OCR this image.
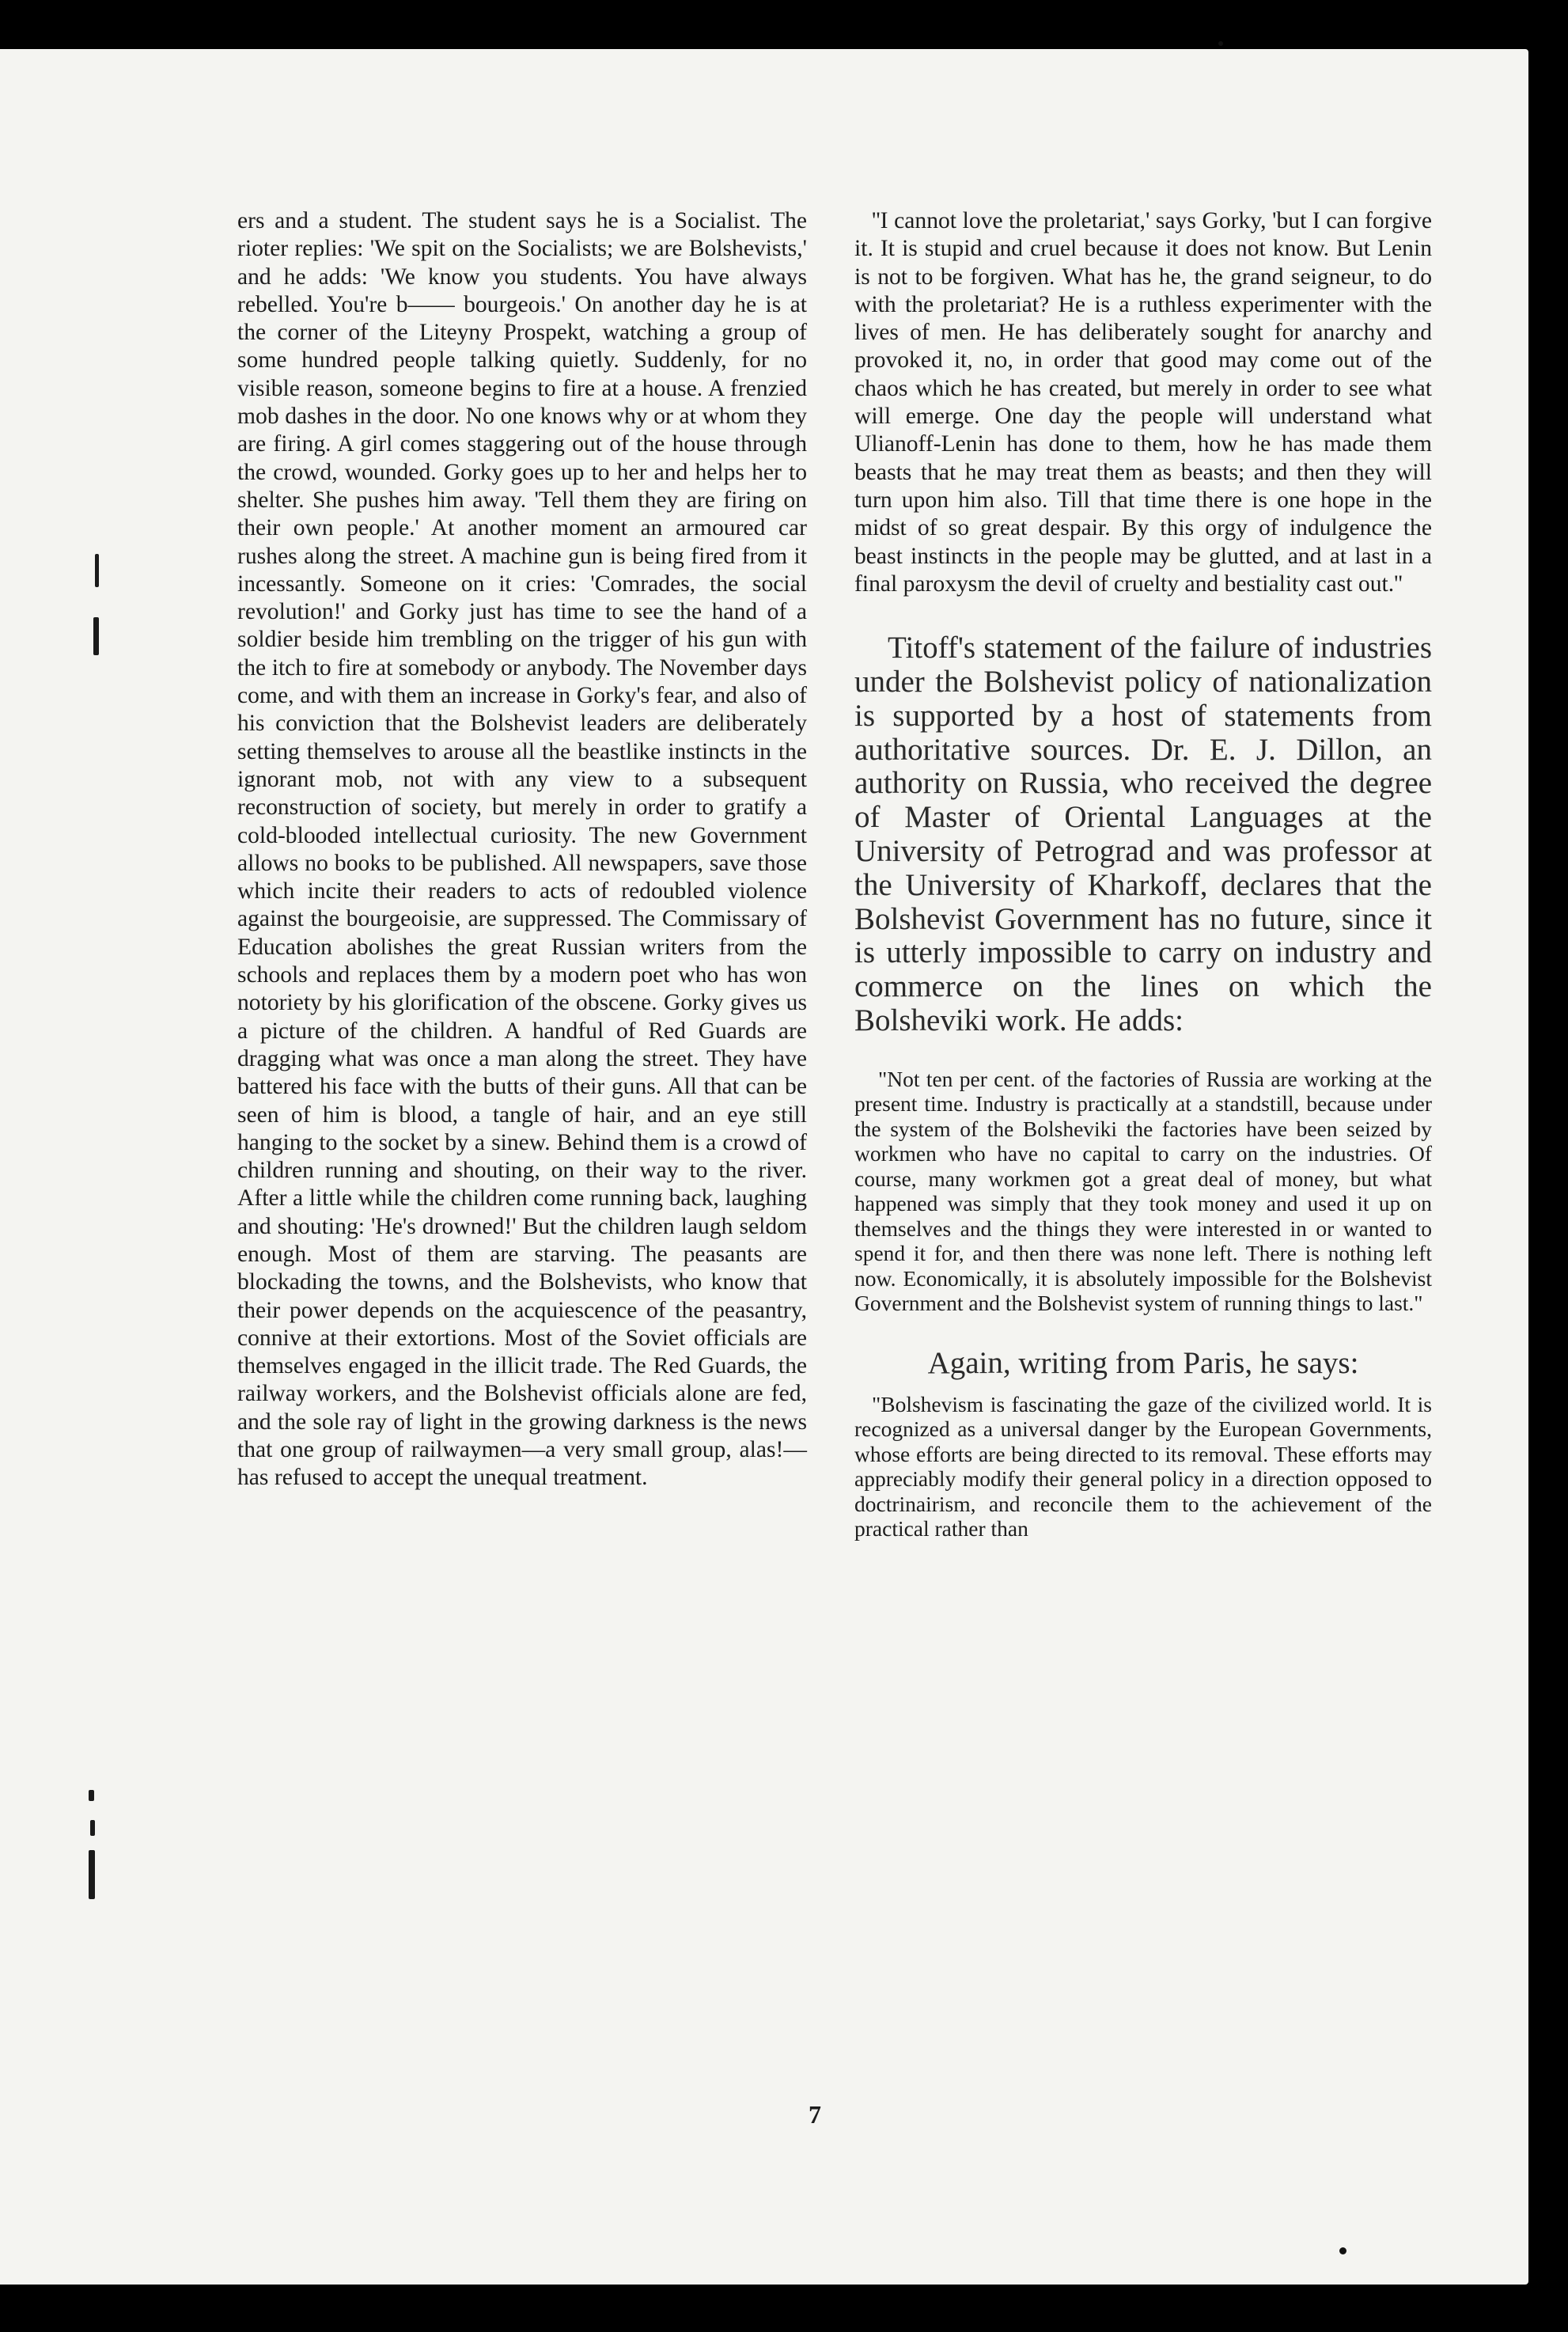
ers and a student. The student says he is a Socialist. The rioter replies: 'We spit on the Socialists; we are Bolshevists,' and he adds: 'We know you students. You have always rebelled. You're b—— bourgeois.' On another day he is at the corner of the Liteyny Prospekt, watching a group of some hundred people talking quietly. Suddenly, for no visible reason, someone begins to fire at a house. A frenzied mob dashes in the door. No one knows why or at whom they are firing. A girl comes staggering out of the house through the crowd, wounded. Gorky goes up to her and helps her to shelter. She pushes him away. 'Tell them they are firing on their own people.' At another moment an armoured car rushes along the street. A machine gun is being fired from it incessantly. Someone on it cries: 'Comrades, the social revolution!' and Gorky just has time to see the hand of a soldier beside him trembling on the trigger of his gun with the itch to fire at somebody or anybody. The November days come, and with them an increase in Gorky's fear, and also of his conviction that the Bolshevist leaders are deliberately setting themselves to arouse all the beastlike instincts in the ignorant mob, not with any view to a subsequent reconstruction of society, but merely in order to gratify a cold-blooded intellectual curiosity. The new Government allows no books to be published. All newspapers, save those which incite their readers to acts of redoubled violence against the bourgeoisie, are suppressed. The Commissary of Education abolishes the great Russian writers from the schools and replaces them by a modern poet who has won notoriety by his glorification of the obscene. Gorky gives us a picture of the children. A handful of Red Guards are dragging what was once a man along the street. They have battered his face with the butts of their guns. All that can be seen of him is blood, a tangle of hair, and an eye still hanging to the socket by a sinew. Behind them is a crowd of children running and shouting, on their way to the river. After a little while the children come running back, laughing and shouting: 'He's drowned!' But the children laugh seldom enough. Most of them are starving. The peasants are blockading the towns, and the Bolshevists, who know that their power depends on the acquiescence of the peasantry, connive at their extortions. Most of the Soviet officials are themselves engaged in the illicit trade. The Red Guards, the railway workers, and the Bolshevist officials alone are fed, and the sole ray of light in the growing darkness is the news that one group of railwaymen—a very small group, alas!—has refused to accept the unequal treatment.

''I cannot love the proletariat,' says Gorky, 'but I can forgive it. It is stupid and cruel because it does not know. But Lenin is not to be forgiven. What has he, the grand seigneur, to do with the proletariat? He is a ruthless experimenter with the lives of men. He has deliberately sought for anarchy and provoked it, no, in order that good may come out of the chaos which he has created, but merely in order to see what will emerge. One day the people will understand what Ulianoff-Lenin has done to them, how he has made them beasts that he may treat them as beasts; and then they will turn upon him also. Till that time there is one hope in the midst of so great despair. By this orgy of indulgence the beast instincts in the people may be glutted, and at last in a final paroxysm the devil of cruelty and bestiality cast out.''

Titoff's statement of the failure of industries under the Bolshevist policy of nationalization is supported by a host of statements from authoritative sources. Dr. E. J. Dillon, an authority on Russia, who received the degree of Master of Oriental Languages at the University of Petrograd and was professor at the University of Kharkoff, declares that the Bolshevist Government has no future, since it is utterly impossible to carry on industry and commerce on the lines on which the Bolsheviki work. He adds:

"Not ten per cent. of the factories of Russia are working at the present time. Industry is practically at a standstill, because under the system of the Bolsheviki the factories have been seized by workmen who have no capital to carry on the industries. Of course, many workmen got a great deal of money, but what happened was simply that they took money and used it up on themselves and the things they were interested in or wanted to spend it for, and then there was none left. There is nothing left now. Economically, it is absolutely impossible for the Bolshevist Government and the Bolshevist system of running things to last."

Again, writing from Paris, he says:

"Bolshevism is fascinating the gaze of the civilized world. It is recognized as a universal danger by the European Governments, whose efforts are being directed to its removal. These efforts may appreciably modify their general policy in a direction opposed to doctrinairism, and reconcile them to the achievement of the practical rather than

7
